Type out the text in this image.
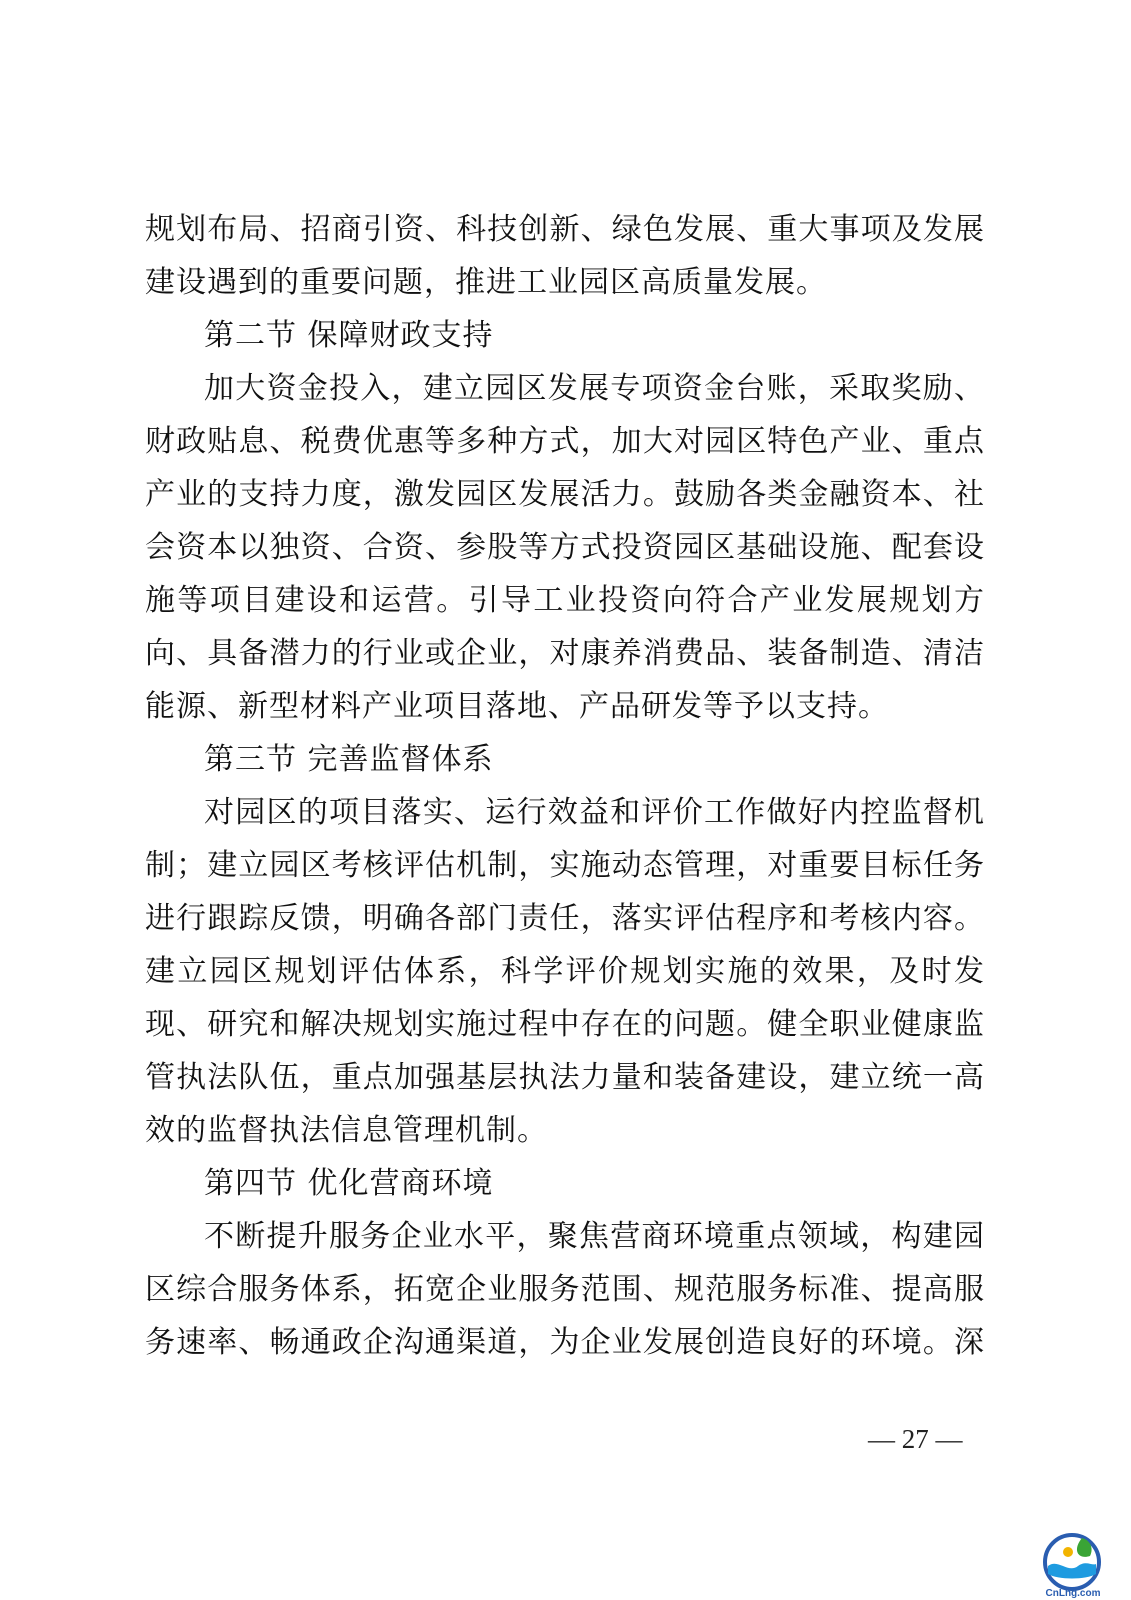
规划布局、招商引资、科技创新、绿色发展、重大事项及发展
建设遇到的重要问题，推进工业园区高质量发展。
第二节 保障财政支持
加大资金投入，建立园区发展专项资金台账，采取奖励、
财政贴息、税费优惠等多种方式，加大对园区特色产业、重点
产业的支持力度，激发园区发展活力。鼓励各类金融资本、社
会资本以独资、合资、参股等方式投资园区基础设施、配套设
施等项目建设和运营。引导工业投资向符合产业发展规划方
向、具备潜力的行业或企业，对康养消费品、装备制造、清洁
能源、新型材料产业项目落地、产品研发等予以支持。
第三节 完善监督体系
对园区的项目落实、运行效益和评价工作做好内控监督机
制；建立园区考核评估机制，实施动态管理，对重要目标任务
进行跟踪反馈，明确各部门责任，落实评估程序和考核内容。
建立园区规划评估体系，科学评价规划实施的效果，及时发
现、研究和解决规划实施过程中存在的问题。健全职业健康监
管执法队伍，重点加强基层执法力量和装备建设，建立统一高
效的监督执法信息管理机制。
第四节 优化营商环境
不断提升服务企业水平，聚焦营商环境重点领域，构建园
区综合服务体系，拓宽企业服务范围、规范服务标准、提高服
务速率、畅通政企沟通渠道，为企业发展创造良好的环境。深
— 27 —
CnLng.com
